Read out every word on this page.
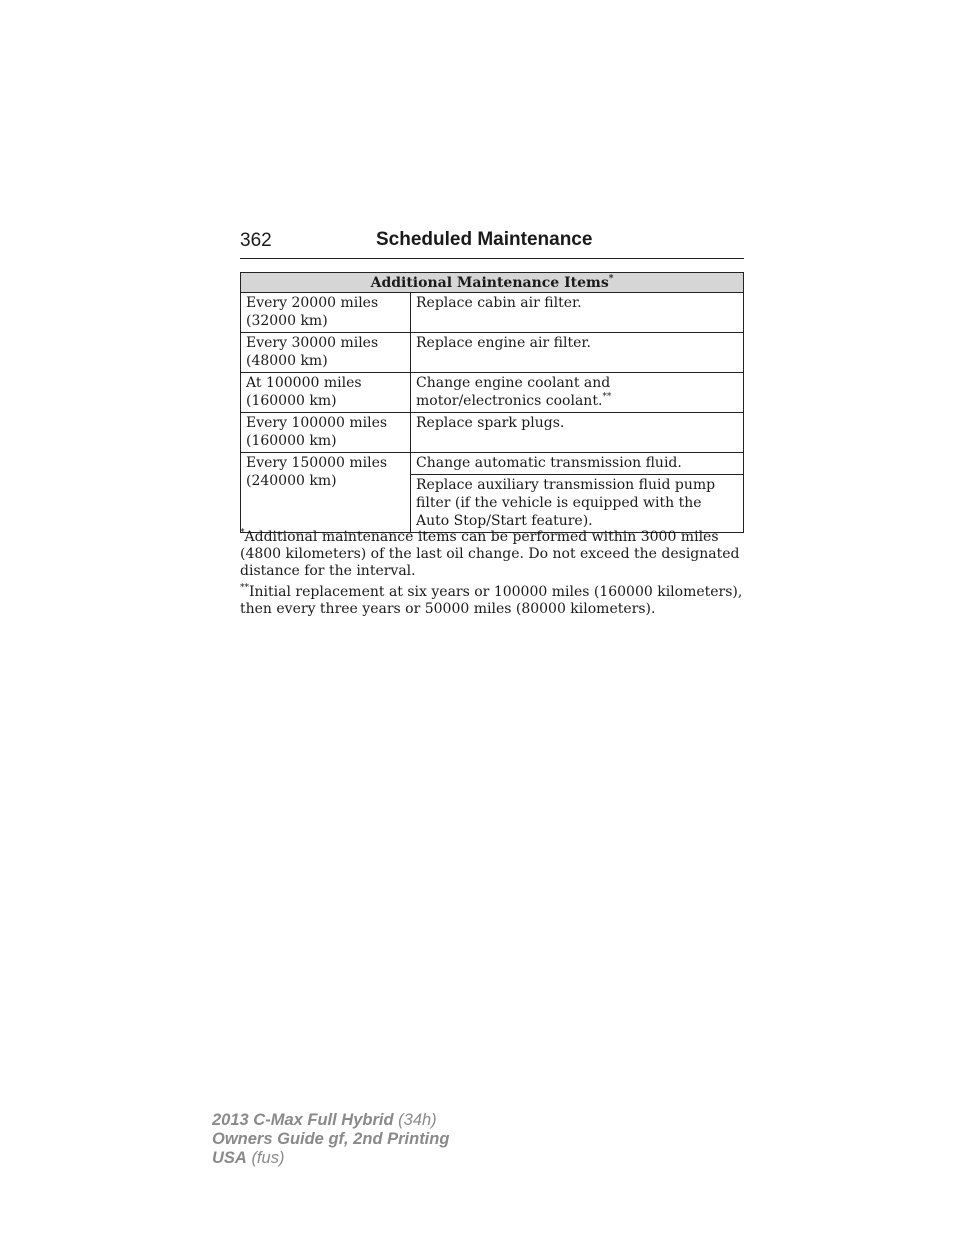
362	Scheduled Maintenance
Additional Maintenance Items*
Every 20000 miles
(32000 km)	Replace cabin air filter.
Every 30000 miles
(48000 km)	Replace engine air filter.
At 100000 miles
(160000 km)	Change engine coolant and motor/electronics coolant.**
Every 100000 miles
(160000 km)	Replace spark plugs.
Every 150000 miles
(240000 km)	Change automatic transmission fluid.
	Replace auxiliary transmission fluid pump filter (if the vehicle is equipped with the Auto Stop/Start feature).

*Additional maintenance items can be performed within 3000 miles (4800 kilometers) of the last oil change. Do not exceed the designated distance for the interval.

**Initial replacement at six years or 100000 miles (160000 kilometers), then every three years or 50000 miles (80000 kilometers).

2013 C-Max Full Hybrid (34h)
Owners Guide gf, 2nd Printing
USA (fus)
